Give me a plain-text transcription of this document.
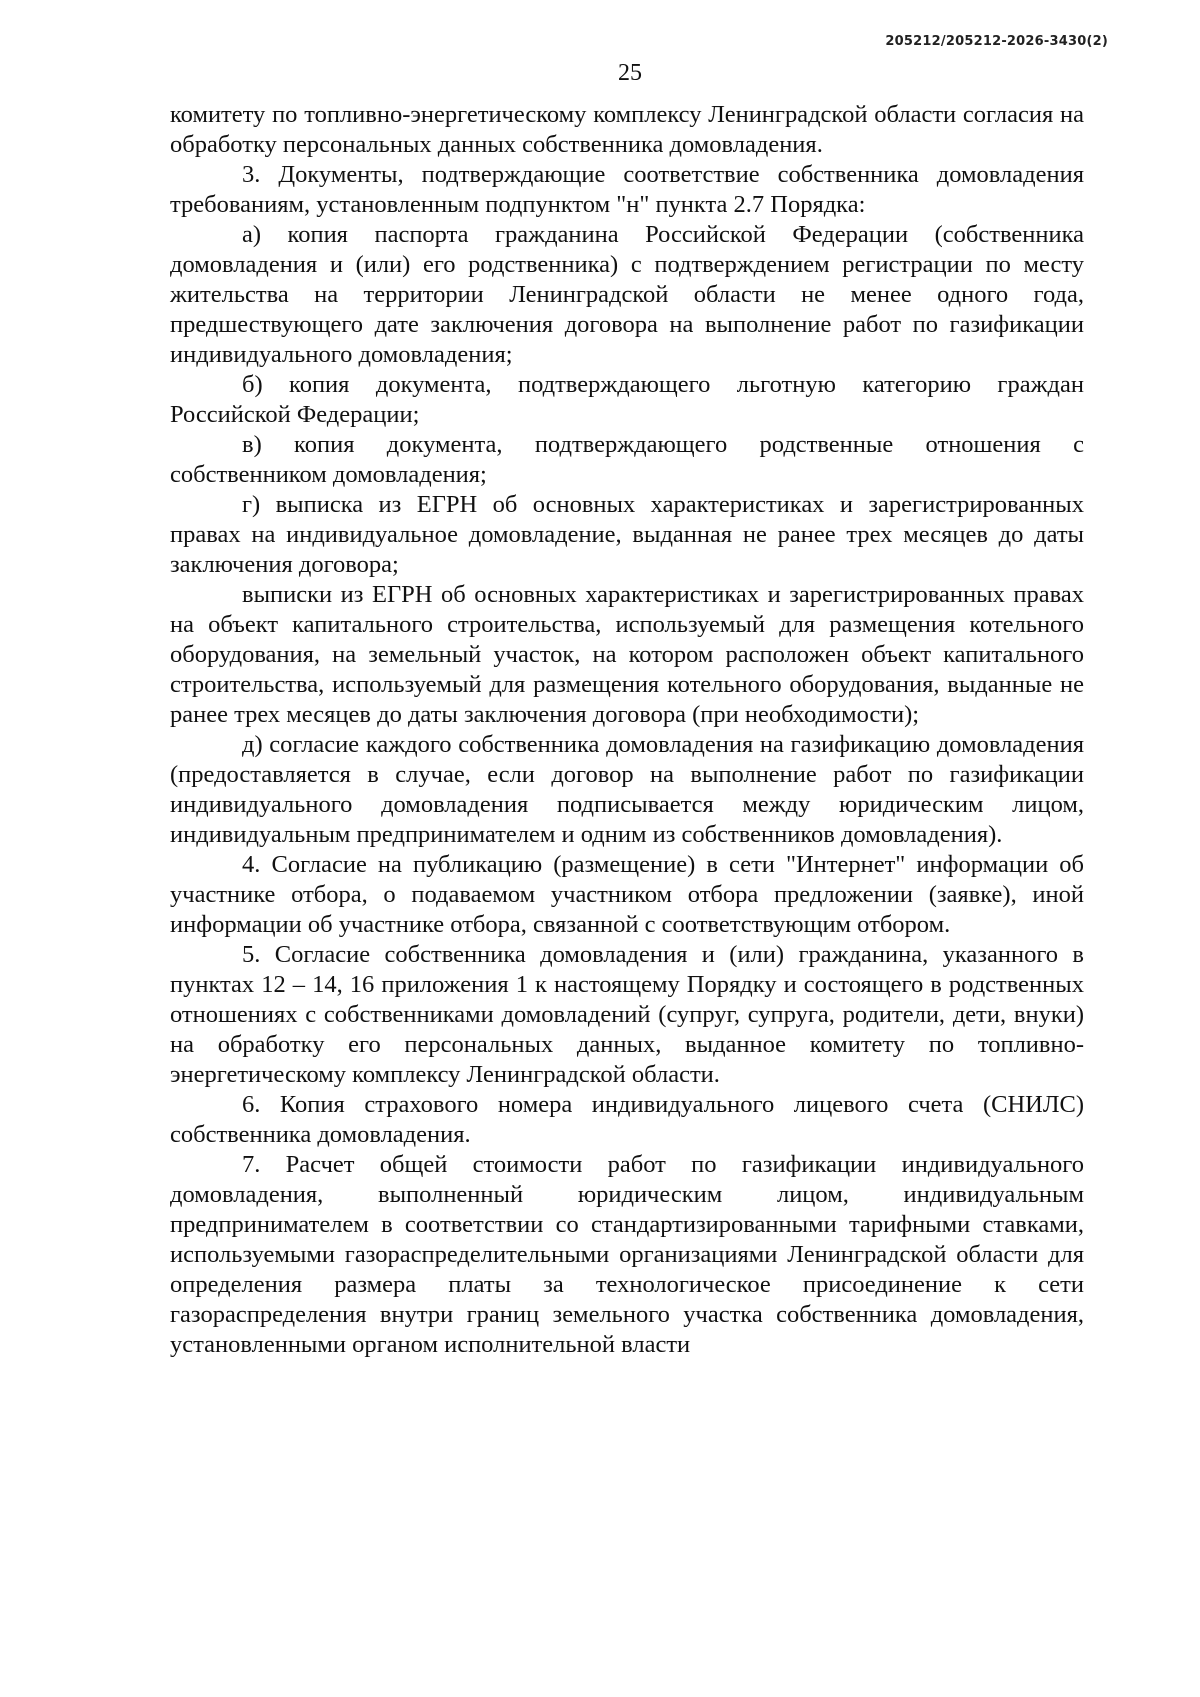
205212/205212-2026-3430(2)
25

комитету по топливно-энергетическому комплексу Ленинградской области согласия на обработку персональных данных собственника домовладения.

3. Документы, подтверждающие соответствие собственника домовладения требованиям, установленным подпунктом "н" пункта 2.7 Порядка:

а) копия паспорта гражданина Российской Федерации (собственника домовладения и (или) его родственника) с подтверждением регистрации по месту жительства на территории Ленинградской области не менее одного года, предшествующего дате заключения договора на выполнение работ по газификации индивидуального домовладения;

б) копия документа, подтверждающего льготную категорию граждан Российской Федерации;

в) копия документа, подтверждающего родственные отношения с собственником домовладения;

г) выписка из ЕГРН об основных характеристиках и зарегистрированных правах на индивидуальное домовладение, выданная не ранее трех месяцев до даты заключения договора;

выписки из ЕГРН об основных характеристиках и зарегистрированных правах на объект капитального строительства, используемый для размещения котельного оборудования, на земельный участок, на котором расположен объект капитального строительства, используемый для размещения котельного оборудования, выданные не ранее трех месяцев до даты заключения договора (при необходимости);

д) согласие каждого собственника домовладения на газификацию домовладения (предоставляется в случае, если договор на выполнение работ по газификации индивидуального домовладения подписывается между юридическим лицом, индивидуальным предпринимателем и одним из собственников домовладения).

4. Согласие на публикацию (размещение) в сети "Интернет" информации об участнике отбора, о подаваемом участником отбора предложении (заявке), иной информации об участнике отбора, связанной с соответствующим отбором.

5. Согласие собственника домовладения и (или) гражданина, указанного в пунктах 12 – 14, 16 приложения 1 к настоящему Порядку и состоящего в родственных отношениях с собственниками домовладений (супруг, супруга, родители, дети, внуки) на обработку его персональных данных, выданное комитету по топливно-энергетическому комплексу Ленинградской области.

6. Копия страхового номера индивидуального лицевого счета (СНИЛС) собственника домовладения.

7. Расчет общей стоимости работ по газификации индивидуального домовладения, выполненный юридическим лицом, индивидуальным предпринимателем в соответствии со стандартизированными тарифными ставками, используемыми газораспределительными организациями Ленинградской области для определения размера платы за технологическое присоединение к сети газораспределения внутри границ земельного участка собственника домовладения, установленными органом исполнительной власти
